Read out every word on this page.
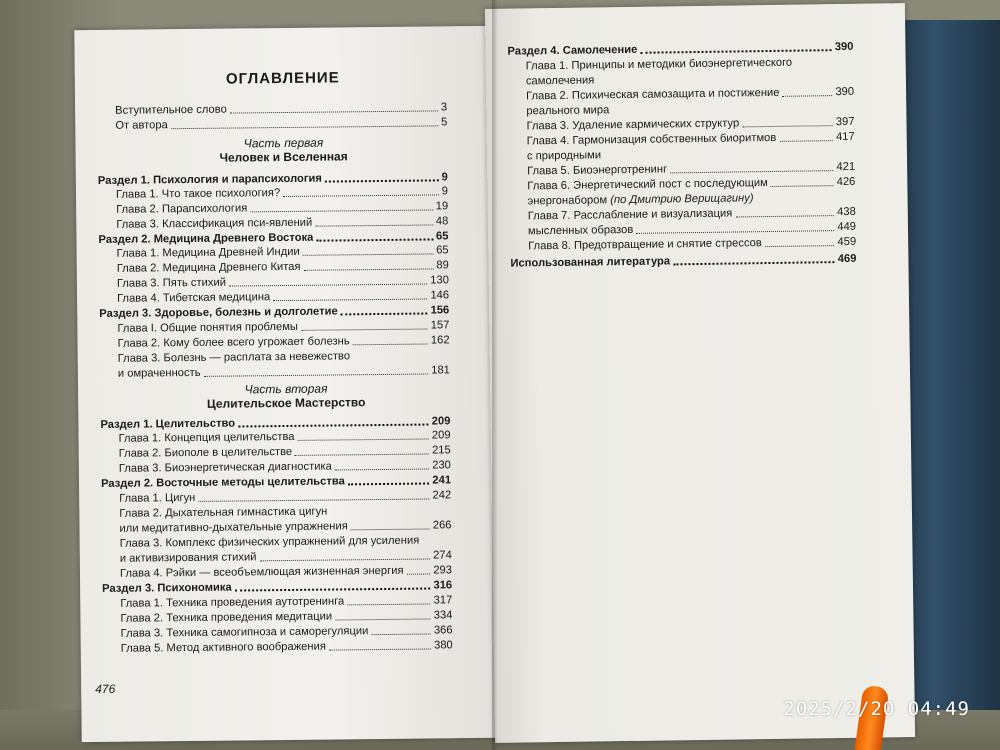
ОГЛАВЛЕНИЕ
Вступительное слово	3
От автора	5
Часть первая
Человек и Вселенная
Раздел 1. Психология и парапсихология	9
Глава 1. Что такое психология?	9
Глава 2. Парапсихология	19
Глава 3. Классификация пси-явлений	48
Раздел 2. Медицина Древнего Востока	65
Глава 1. Медицина Древней Индии	65
Глава 2. Медицина Древнего Китая	89
Глава 3. Пять стихий	130
Глава 4. Тибетская медицина	146
Раздел 3. Здоровье, болезнь и долголетие	156
Глава I. Общие понятия проблемы	157
Глава 2. Кому более всего угрожает болезнь	162
Глава 3. Болезнь — расплата за невежество
и омраченность	181
Часть вторая
Целительское Мастерство
Раздел 1. Целительство	209
Глава 1. Концепция целительства	209
Глава 2. Биополе в целительстве	215
Глава 3. Биоэнергетическая диагностика	230
Раздел 2. Восточные методы целительства	241
Глава 1. Цигун	242
Глава 2. Дыхательная гимнастика цигун
или медитативно-дыхательные упражнения	266
Глава 3. Комплекс физических упражнений для усиления
и активизирования стихий	274
Глава 4. Рэйки — всеобъемлющая жизненная энергия	293
Раздел 3. Психономика	316
Глава 1. Техника проведения аутотренинга	317
Глава 2. Техника проведения медитации	334
Глава 3. Техника самогипноза и саморегуляции	366
Глава 5. Метод активного воображения	380
476
Раздел 4. Самолечение	390
Глава 1. Принципы и методики биоэнергетического
самолечения
Глава 2. Психическая самозащита и постижение	390
реального мира
Глава 3. Удаление кармических структур	397
Глава 4. Гармонизация собственных биоритмов	417
с природными
Глава 5. Биоэнерготренинг	421
Глава 6. Энергетический пост с последующим	426
энергонабором (по Дмитрию Верищагину)
Глава 7. Расслабление и визуализация	438
мысленных образов	449
Глава 8. Предотвращение и снятие стрессов	459
Использованная литература	469
2025/2/20 04:49
